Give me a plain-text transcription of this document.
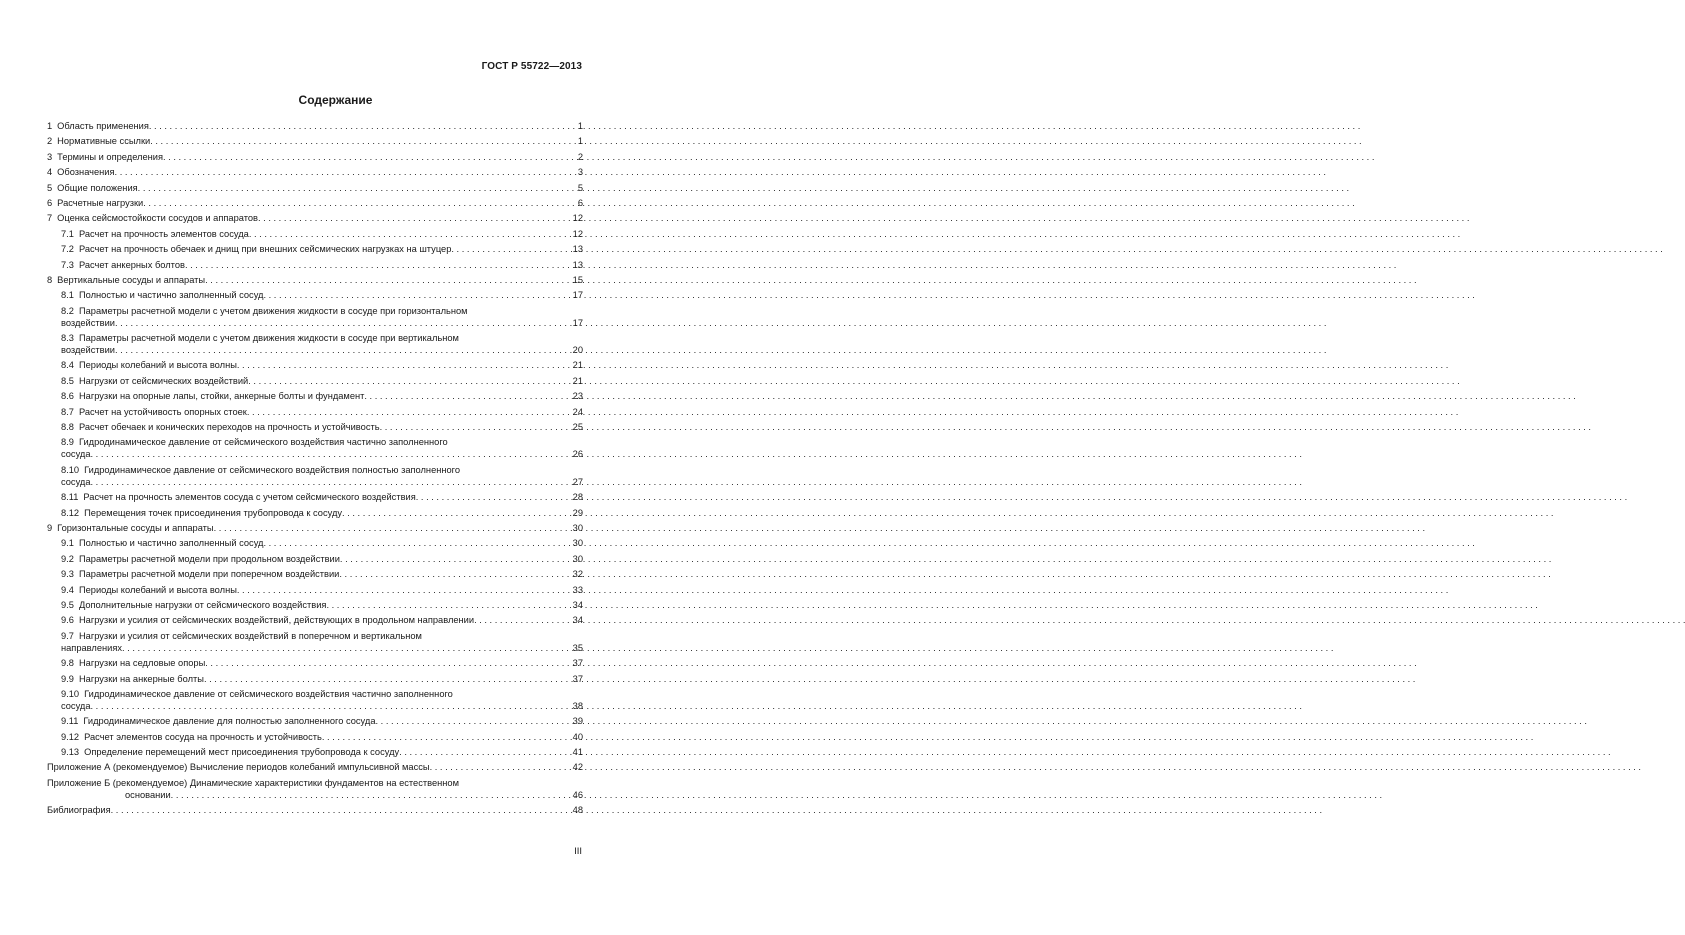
ГОСТ Р 55722—2013
Содержание
1 Область применения . . .	1
2 Нормативные ссылки . . .	1
3 Термины и определения . . .	2
4 Обозначения . . .	3
5 Общие положения . . .	5
6 Расчетные нагрузки . . .	6
7 Оценка сейсмостойкости сосудов и аппаратов . . .	12
7.1 Расчет на прочность элементов сосуда . . .	12
7.2 Расчет на прочность обечаек и днищ при внешних сейсмических нагрузках на штуцер . . .	13
7.3 Расчет анкерных болтов . . .	13
8 Вертикальные сосуды и аппараты . . .	15
8.1 Полностью и частично заполненный сосуд . . .	17
8.2 Параметры расчетной модели с учетом движения жидкости в сосуде при горизонтальном
воздействии . . .	17
8.3 Параметры расчетной модели с учетом движения жидкости в сосуде при вертикальном
воздействии . . .	20
8.4 Периоды колебаний и высота волны . . .	21
8.5 Нагрузки от сейсмических воздействий . . .	21
8.6 Нагрузки на опорные лапы, стойки, анкерные болты и фундамент . . .	23
8.7 Расчет на устойчивость опорных стоек . . .	24
8.8 Расчет обечаек и конических переходов на прочность и устойчивость . . .	25
8.9 Гидродинамическое давление от сейсмического воздействия частично заполненного
сосуда . . .	26
8.10 Гидродинамическое давление от сейсмического воздействия полностью заполненного
сосуда . . .	27
8.11 Расчет на прочность элементов сосуда с учетом сейсмического воздействия . . .	28
8.12 Перемещения точек присоединения трубопровода к сосуду . . .	29
9 Горизонтальные сосуды и аппараты . . .	30
9.1 Полностью и частично заполненный сосуд . . .	30
9.2 Параметры расчетной модели при продольном воздействии . . .	30
9.3 Параметры расчетной модели при поперечном воздействии . . .	32
9.4 Периоды колебаний и высота волны . . .	33
9.5 Дополнительные нагрузки от сейсмического воздействия . . .	34
9.6 Нагрузки и усилия от сейсмических воздействий, действующих в продольном направлении . . .	34
9.7 Нагрузки и усилия от сейсмических воздействий в поперечном и вертикальном
направлениях . . .	35
9.8 Нагрузки на седловые опоры . . .	37
9.9 Нагрузки на анкерные болты . . .	37
9.10 Гидродинамическое давление от сейсмического воздействия частично заполненного
сосуда . . .	38
9.11 Гидродинамическое давление для полностью заполненного сосуда . . .	39
9.12 Расчет элементов сосуда на прочность и устойчивость . . .	40
9.13 Определение перемещений мест присоединения трубопровода к сосуду . . .	41
Приложение А (рекомендуемое) Вычисление периодов колебаний импульсивной массы . . .	42
Приложение Б (рекомендуемое) Динамические характеристики фундаментов на естественном
основании . . .	46
Библиография . . .	48
III
